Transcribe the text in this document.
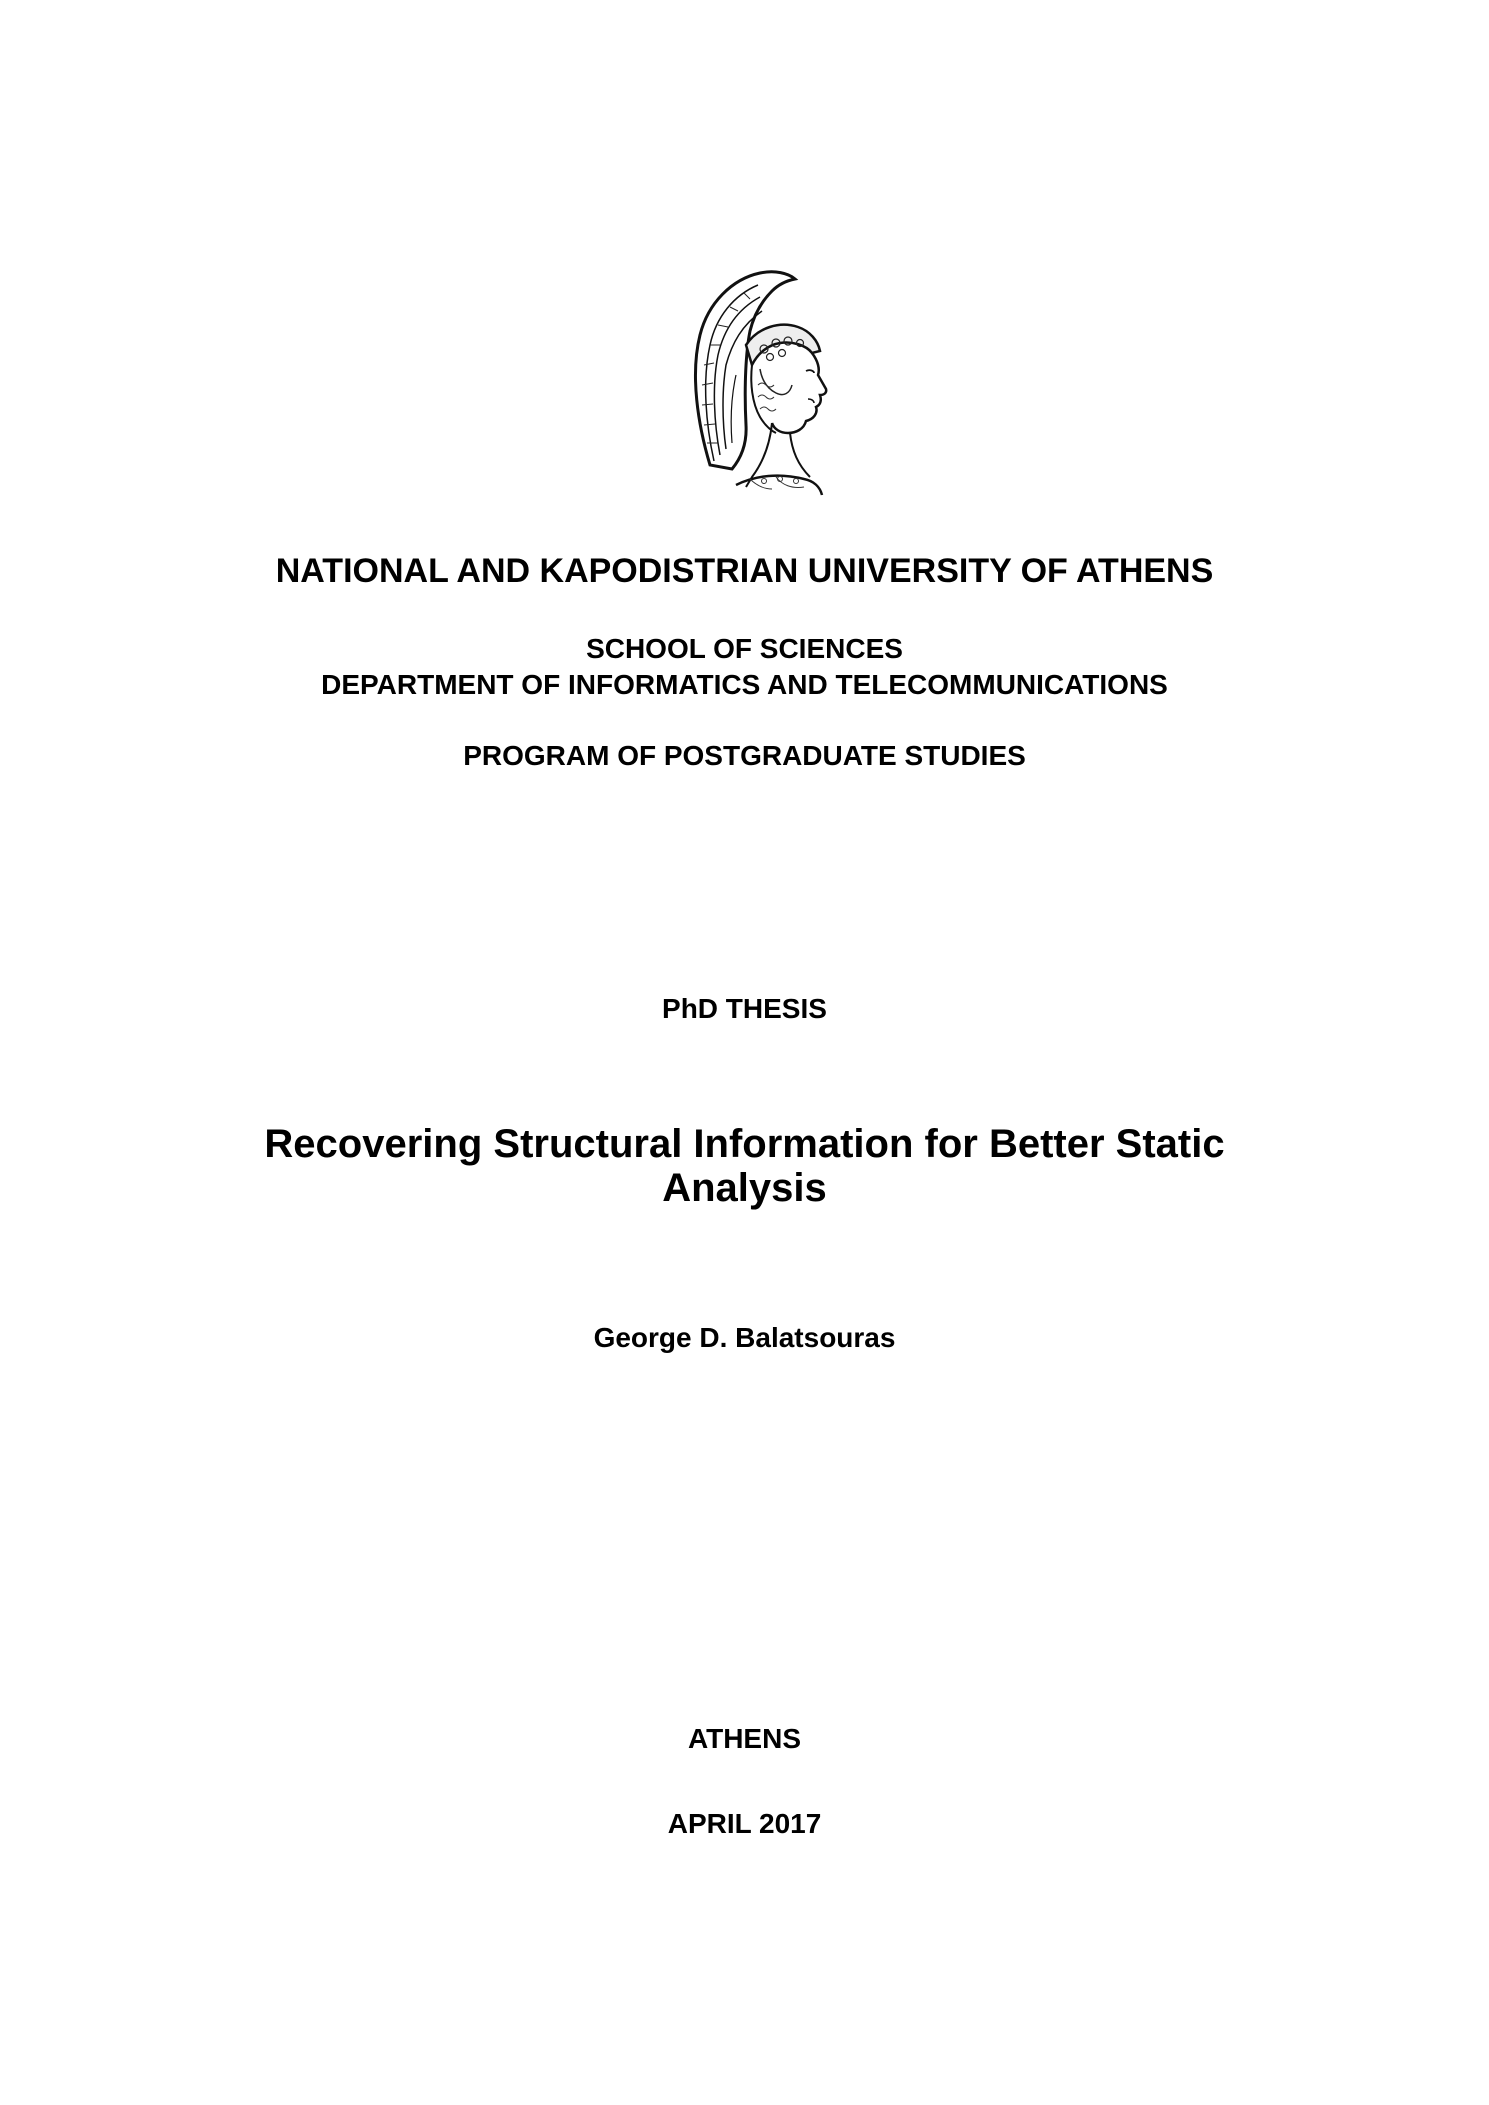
NATIONAL AND KAPODISTRIAN UNIVERSITY OF ATHENS
SCHOOL OF SCIENCES
DEPARTMENT OF INFORMATICS AND TELECOMMUNICATIONS
PROGRAM OF POSTGRADUATE STUDIES
PhD THESIS
Recovering Structural Information for Better Static Analysis
George D. Balatsouras
ATHENS
APRIL 2017
